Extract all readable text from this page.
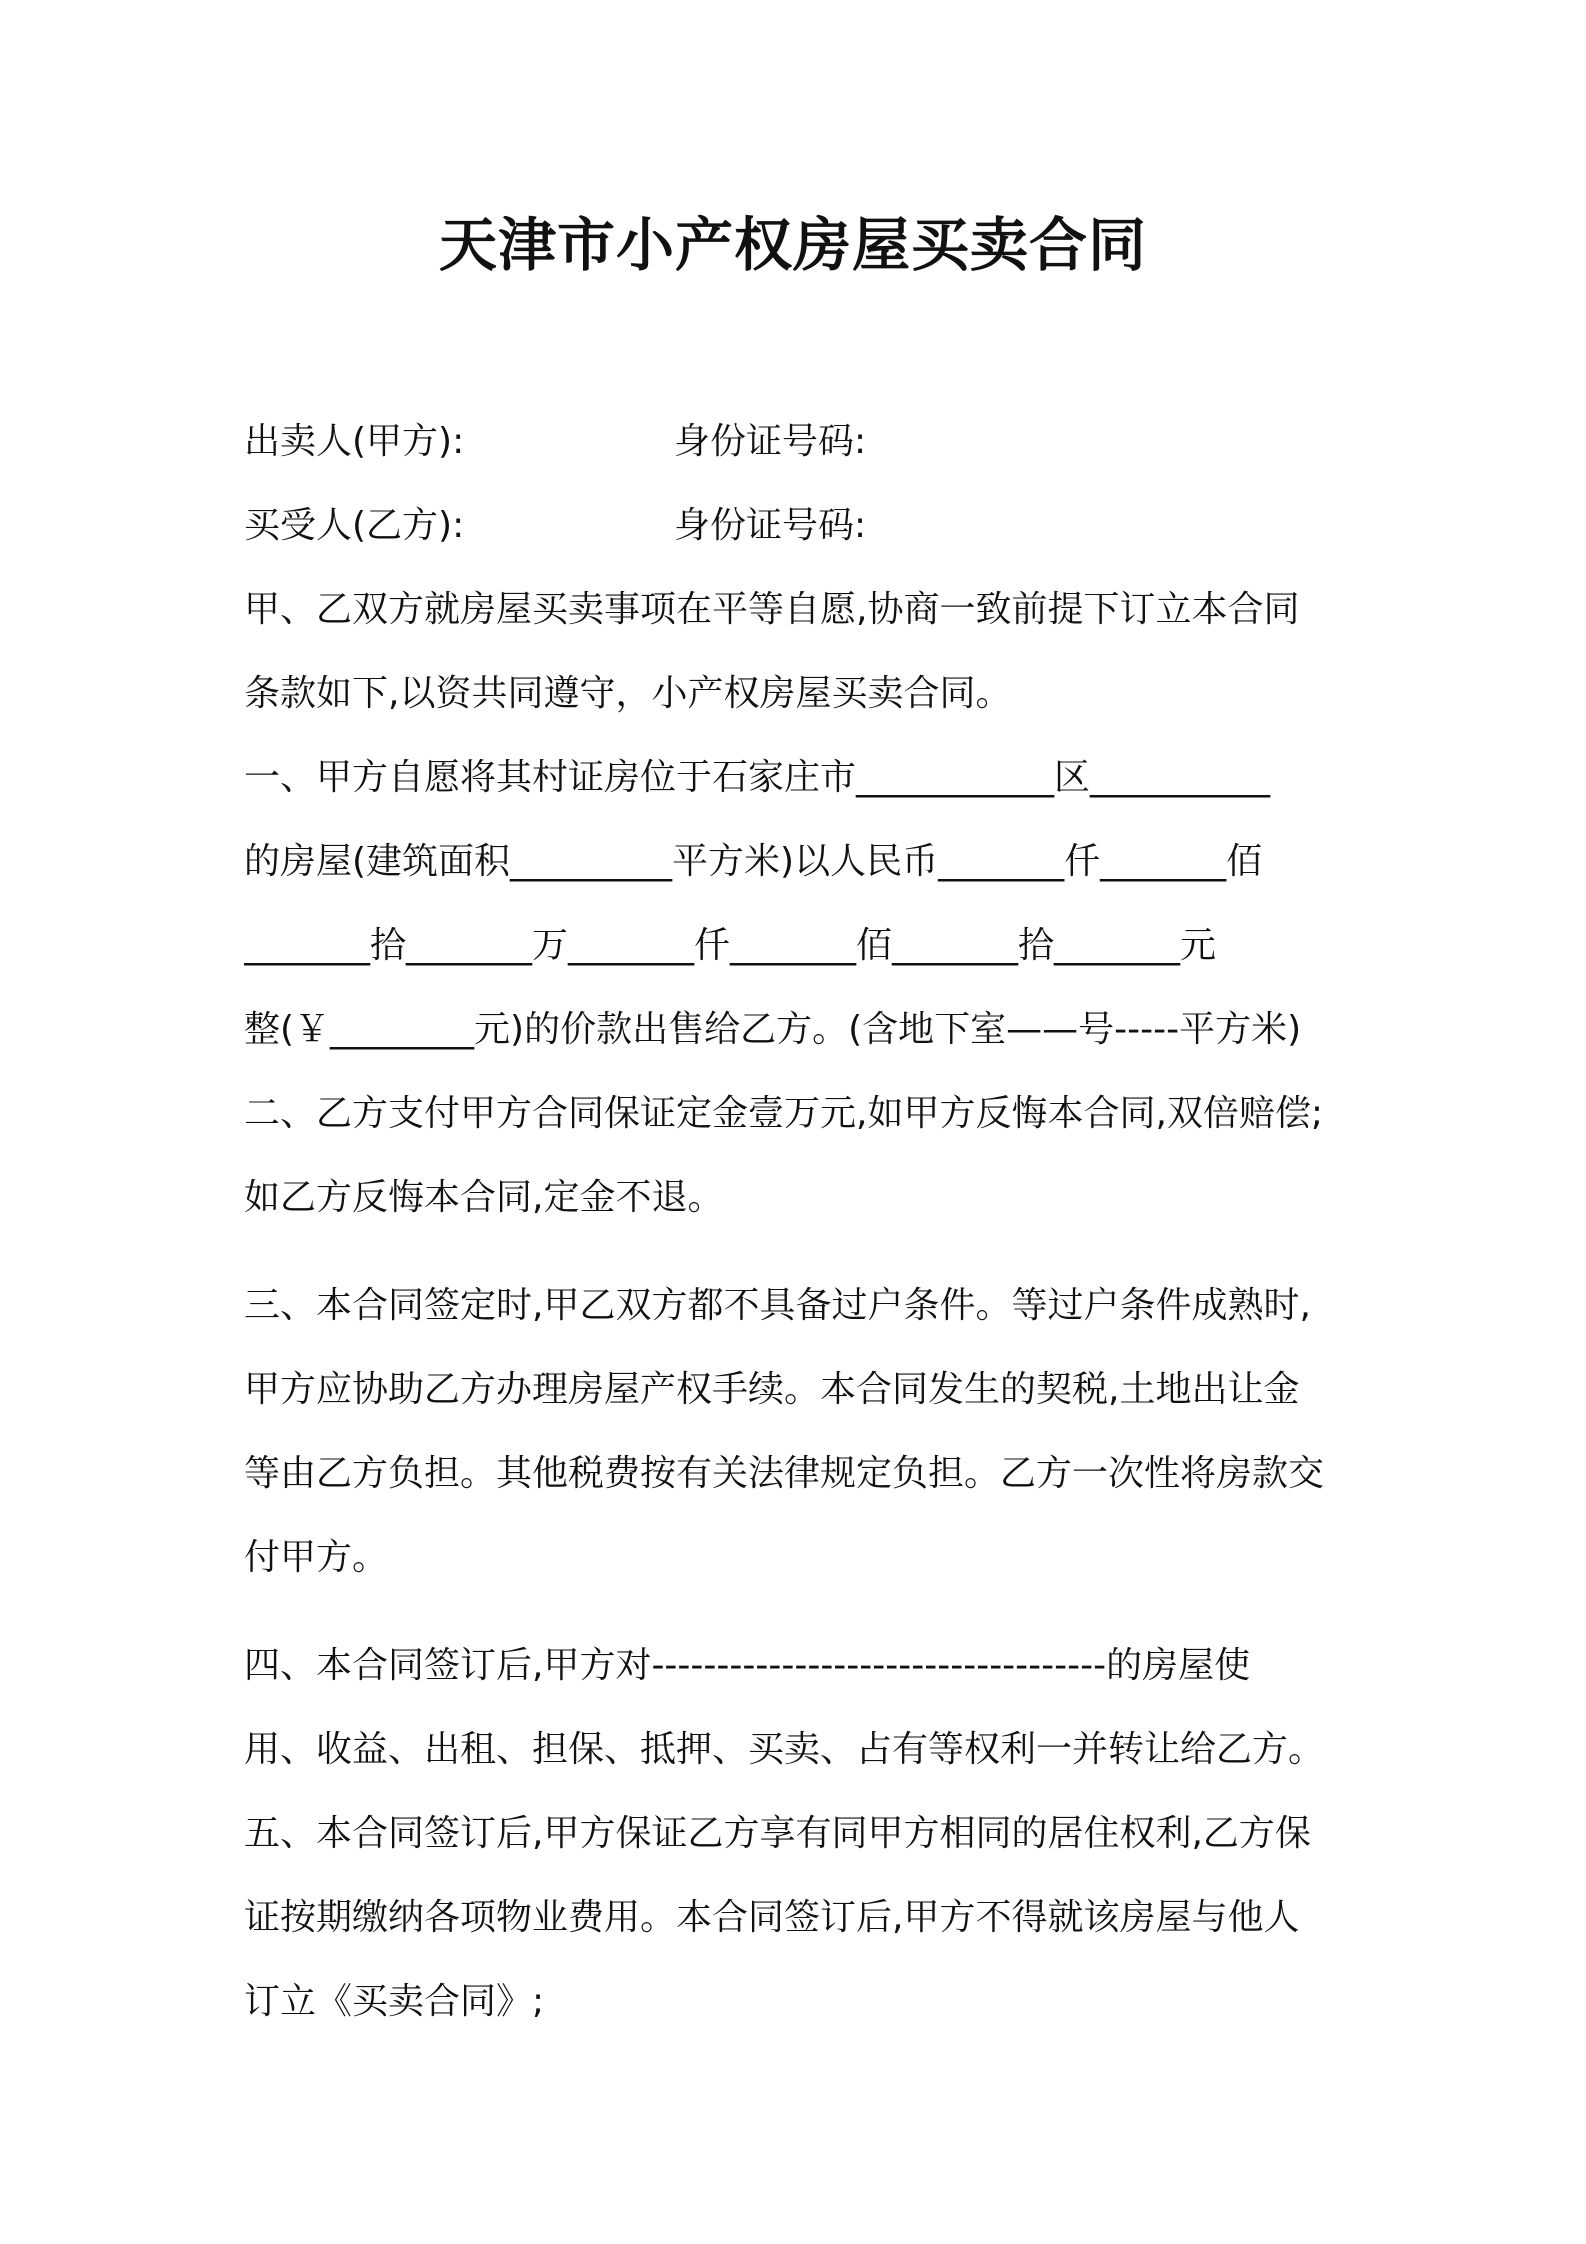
天津市小产权房屋买卖合同
出卖人(甲方):	身份证号码:
买受人(乙方):	身份证号码:
甲、乙双方就房屋买卖事项在平等自愿,协商一致前提下订立本合同
条款如下,以资共同遵守，小产权房屋买卖合同。
一、甲方自愿将其村证房位于石家庄市___________区__________
的房屋(建筑面积_________平方米)以人民币_______仟_______佰
_______拾_______万_______仟_______佰_______拾_______元
整(￥________元)的价款出售给乙方。(含地下室——号-----平方米)
二、乙方支付甲方合同保证定金壹万元,如甲方反悔本合同,双倍赔偿;
如乙方反悔本合同,定金不退。
三、本合同签定时,甲乙双方都不具备过户条件。等过户条件成熟时,
甲方应协助乙方办理房屋产权手续。本合同发生的契税,土地出让金
等由乙方负担。其他税费按有关法律规定负担。乙方一次性将房款交
付甲方。
四、本合同签订后,甲方对-----------------------------------的房屋使
用、收益、出租、担保、抵押、买卖、占有等权利一并转让给乙方。
五、本合同签订后,甲方保证乙方享有同甲方相同的居住权利,乙方保
证按期缴纳各项物业费用。本合同签订后,甲方不得就该房屋与他人
订立《买卖合同》;
